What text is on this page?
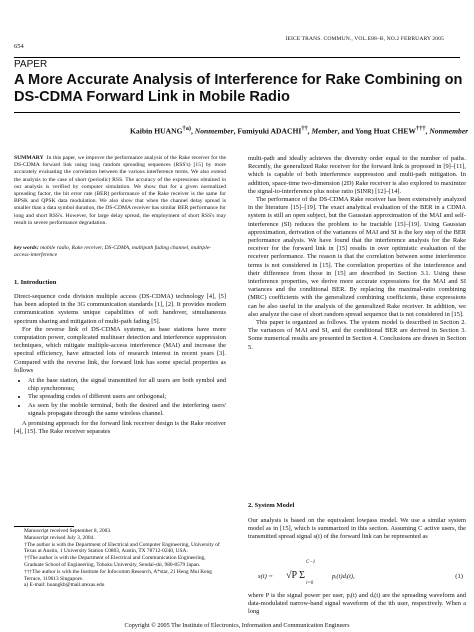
654
IEICE TRANS. COMMUN., VOL.E88–B, NO.2 FEBRUARY 2005
PAPER
A More Accurate Analysis of Interference for Rake Combining on DS-CDMA Forward Link in Mobile Radio
Kaibin HUANG$^{\dagger a)}$, Nonmember, Fumiyuki ADACHI††, Member, and Yong Huat CHEW†††, Nonmember
SUMMARY In this paper, we improve the performance analysis of the Rake receiver for the DS-CDMA forward link using long random spreading sequences (RSS's) [15] by more accurately evaluating the correlation between the various interference terms. We also extend the analysis to the case of short (periodic) RSS. The accuracy of the expressions obtained in our analysis is verified by computer simulation. We show that for a given normalized spreading factor, the bit error rate (BER) performance of the Rake receiver is the same for BPSK and QPSK data modulation. We also show that when the channel delay spread is smaller than a data symbol duration, the DS-CDMA receiver has similar BER performance for long and short RSS's. However, for large delay spread, the employment of short RSS's may result in severe performance degradation.
key words: mobile radio, Rake receiver, DS-CDMA, multipath fading channel, multiple-access-interference
1. Introduction

Direct-sequence code division multiple access (DS-CDMA) technology [4], [5] has been adopted in the 3G communication standards [1], [2]. It provides modern communication systems unique capabilities of soft handover, simultaneous spectrum sharing and mitigation of multi-path fading [5].

For the reverse link of DS-CDMA systems, as base stations have more computation power, complicated multiuser detection and interference suppression techniques, which mitigate multiple-access interference (MAI) and increase the spectral efficiency, have attracted lots of research interest in recent years [3]. Compared with the reverse link, the forward link has some special properties as follows

• At the base station, the signal transmitted for all users are both symbol and chip synchronous;
• The spreading codes of different users are orthogonal;
• As seen by the mobile terminal, both the desired and the interfering users' signals propagate through the same wireless channel.

A promising approach for the forward link receiver design is the Rake receiver [4], [15]. The Rake receiver separates

Manuscript received September 8, 2003.

Manuscript revised July 3, 2004.

†The author is with the Department of Electrical and Computer Engineering, University of Texas at Austin, 1 University Station C0803, Austin, TX 78712-0240, USA.

††The author is with the Department of Electrical and Communication Engineering, Graduate School of Engineering, Tohoku University, Sendai-shi, 980-8579 Japan.

†††The author is with the Institute for Infocomm Research, A*star, 21 Heng Mui Keng Terrace, 119613 Singapore.

a) E-mail: huangkb@mail.utexas.edu

multi-path and ideally achieves the diversity order equal to the number of paths. Recently, the generalized Rake receiver for the forward link is proposed in [9]–[11], which is capable of both interference suppression and multi-path mitigation. In addition, space-time two-dimension (2D) Rake receiver is also explored to maximize the signal-to-interference plus noise ratio (SINR) [12]–[14].

The performance of the DS-CDMA Rake receiver has been extensively analyzed in the literature [15]–[19]. The exact analytical evaluation of the BER in a CDMA system is still an open subject, but the Gaussian approximation of the MAI and self-interference (SI) reduces the problem to be tractable [15]–[19]. Using Gaussian approximation, derivation of the variances of MAI and SI is the key step of the BER performance analysis. We have found that the interference analysis for the Rake receiver for the forward link in [15] results in over optimistic evaluation of the receiver performance. The reason is that the correlation between some interference terms is not considered in [15]. The correlation properties of the interference and their difference from those in [15] are described in Section 3.1. Using these interference properties, we derive more accurate expressions for the MAI and SI variances and the conditional BER. By replacing the maximal-ratio combining (MRC) coefficients with the generalized combining coefficients, these expressions can be also useful in the analysis of the generalized Rake receiver. In addition, we also analyze the case of short random spread sequence that is not considered in [15].

This paper is organized as follows. The system model is described in Section 2. The variances of MAI and SI, and the conditional BER are derived in Section 3. Some numerical results are presented in Section 4. Conclusions are drawn in Section 5.

2. System Model

Our analysis is based on the equivalent lowpass model. We use a similar system model as in [15], which is summarized in this section. Assuming C active users, the transmitted spread signal s(t) of the forward link can be represented as

s(t) =
C−1
√P Σ
i=0
pᵢ(t)dᵢ(t),	(1)

where P is the signal power per user, pᵢ(t) and dᵢ(t) are the spreading waveform and data-modulated narrow-band signal waveform of the ith user, respectively. When a long

Copyright © 2005 The Institute of Electronics, Information and Communication Engineers
